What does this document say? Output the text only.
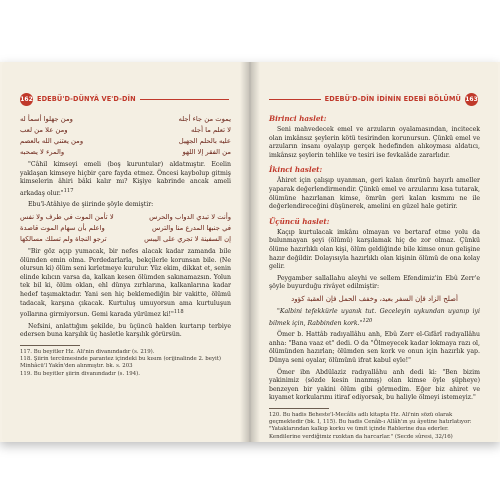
162 EDEBÜ'D-DÜNYÂ VE'D-DÎN
يموت من جاء أجله
ومن جهلوا أسمأ له
لا تعلم ما أجله
ومن علا من لعب
عليه بالحلم الجهيل
ومن يعتني الله بالعصم
من الفقر إلا اللهو
والمرء لا يصحبه

"Câhil kimseyi emeli (boş kuruntular) aldatmıştır. Ecelin yaklaşan kimseye hiçbir çare fayda etmez. Öncesi kaybolup gitmiş kimselerin âhiri bâki kalır mı? Kişiye kabrinde ancak ameli arkadaş olur."$^{117}$

Ebu'l-Atâhiye de şiirinde şöyle demiştir:

وأنت لا تبدي الدواب والحرس
لا تأمن الموت في طرف ولا نفس
في جنبها المدرع منا والترس
واعلم بأن سهام الموت قاصدة
إن السفينة لا تجري على اليبس
ترجو النجاة ولم تسلك مسالكها

"Bir göz açıp yumacak, bir nefes alacak kadar zamanda bile ölümden emin olma. Perdedarlarla, bekçilerle korunsan bile. (Ne olursun ki) ölüm seni kırletmeye kurulur. Yüz ekim, dikkat et, senin elinde kılıcın varsa da, kalkan kesen ölümden sakınamazsın. Yolun tek bil ki, ölüm oklan, ehl dünya zırhlarına, kalkanlarına kadar hedef taşımaktadır. Yani sen hiç beklemediğin bir vakitte, ölümü tadacak, karşına çıkacak. Kurtuluş umuyorsun ama kurtuluşun yollarına girmiyorsun. Gemi karada yürümez ki!"$^{118}$

Nefsini, anlattığım şekilde, bu üçüncü halden kurtarıp terbiye edersen buna karşılık üç hasletle karşılık görürsün.

117. Bu beyitler Hz. Ali'nin divanındadır (s. 219).
118. Şiirin tercümesinde parantez içindeki bu kısım (orijinalinde 2. beyit) Minhâcü'l Yakîn'den alınmıştır. bk. s. 203
119. Bu beyitler şiirin divanındadır (s. 194).
EDEBÜ'D-DÎN İDİNİN EDEBÎ BÖLÜMÜ 163
Birinci haslet:

Seni mahvedecek emel ve arzuların oyalamasından, incitecek olan imkânsız şeylerin kötü tesirinden korunursun. Çünkü emel ve arzuların insanı oyalayıp gerçek hedefinden alıkoyması aldatıcı, imkânsız şeylerin tehlike ve tesiri ise fevkalâde zararlıdır.

İkinci haslet:

Âhiret için çalışıp uyanman, geri kalan ömrünü hayırlı ameller yaparak değerlendirmendir. Çünkü emel ve arzularını kısa tutarak, ölümüne hazırlanan kimse, ömrün geri kalan kısmını ne ile değerlendireceğini düşünerek, amelini en güzel hale getirir.

Üçüncü haslet:

Kaçıp kurtulacak imkânı olmayan ve bertaraf etme yolu da bulunmayan şeyi (ölümü) karşılamak hiç de zor olmaz. Çünkü ölüme hazırlıklı olan kişi, ölüm geldiğinde bile kimse onun gelişine hazır değildir. Dolayısıyla hazırlıklı olan kişinin ölümü de ona kolay gelir.

Peygamber sallallahu aleyhi ve sellem Efendimiz'in Ebû Zerr'e şöyle buyurduğu rivâyet edilmiştir:

أصلح الزاد فإن السفر بعيد، وخفف الحمل فإن العقبة كؤود

"Kalbini tefekkürle uyanık tut. Geceleyin uykundan uyanıp iyi bilmek için, Rabbinden kork."$^{120}$

Ömer b. Hattâb radıyallâhu anh, Ebû Zerr el-Gıfârî radıyallâhu anha: "Bana vaaz et" dedi. O da "Ölmeyecek kadar lokmaya razı ol, ölümünden hazırlan; ölümden sen kork ve onun için hazırlık yap. Dünya seni oyalar, ölümünü ifrat kabul eyle!"

Ömer ibn Abdülaziz radıyallâhu anh dedi ki: "Ben bizim yakinimiz (sözde kesin inanmış) olan kimse öyle şüpheye) benzeyen bir yakini ölüm gibi görmedim. Eğer biz ahiret ve kıyamet korkularımı itiraf ediyorsak, bu haliyle ölmeyi istemeyiz."

120. Bu hadis Beheste'l-Mecâlis adlı kitapta Hz. Ali'nin sözü olarak geçmektedir (bk. I, 115). Bu hadis Cenâb-ı Allâh'ın şu âyetine hatırlatıyor: "Yataklarından kalkıp korku ve ümit içinde Rablerine dua ederler. Kendilerine verdiğimiz rızıktan da harcarlar." (Secde sûresi, 32/16)
